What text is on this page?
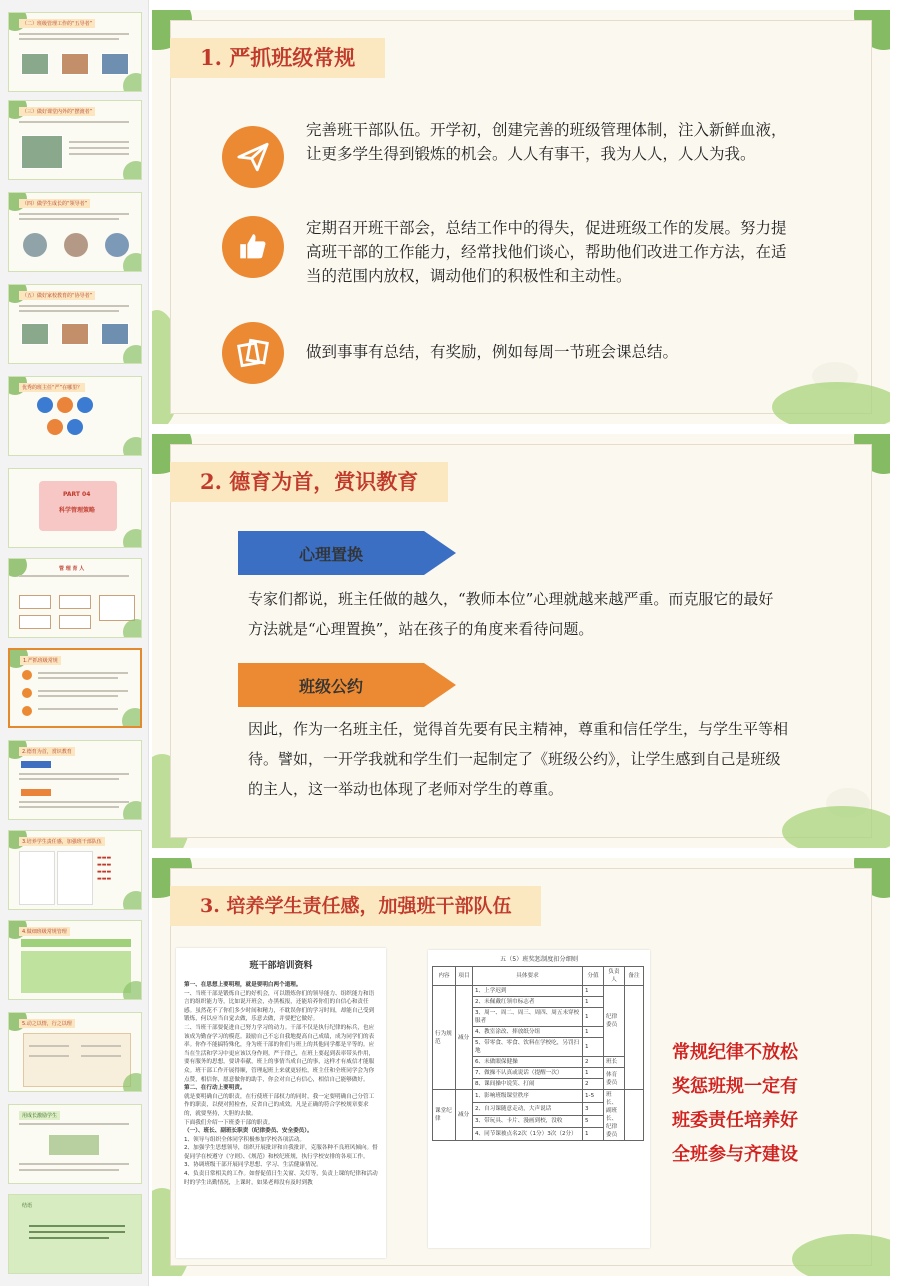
（二）班级管理工作的“五导者”
（三）做好课堂内外的“摆渡者”
（四）做学生成长的“领导者”
（五）做好家校教育的“协导者”
优秀的班主任“严”在哪里？
PART 04
科学管理策略
管 理 育 人
1.严抓班级常规
2.德育为首，赏识教育
3.培养学生责任感，加强班干部队伍
▬▬▬
▬▬▬
▬▬▬
▬▬▬
4.做细班级常规管理
5.动之以情，行之以理
用成长激励学生
结语
1. 严抓班级常规
完善班干部队伍。开学初，创建完善的班级管理体制，注入新鲜血液，让更多学生得到锻炼的机会。人人有事干，我为人人，人人为我。
定期召开班干部会，总结工作中的得失，促进班级工作的发展。努力提高班干部的工作能力，经常找他们谈心，帮助他们改进工作方法，在适当的范围内放权，调动他们的积极性和主动性。
做到事事有总结，有奖励，例如每周一节班会课总结。
2. 德育为首，赏识教育
心理置换
专家们都说，班主任做的越久，“教师本位”心理就越来越严重。而克服它的最好方法就是“心理置换”，站在孩子的角度来看待问题。
班级公约
因此，作为一名班主任，觉得首先要有民主精神，尊重和信任学生，与学生平等相待。譬如，一开学我就和学生们一起制定了《班级公约》，让学生感到自己是班级的主人，这一举动也体现了老师对学生的尊重。
3. 培养学生责任感，加强班干部队伍
班干部培训资料

第一、在思想上要明理，就是要明白两个道理。

一、当班干部是锻炼自己的好机会，可以锻炼你们的领导能力、组织能力和语言的组织能力等，比如说开班会，办黑板报，还能培养你们的自信心和责任感。虽然花不了你们多少时间和精力，不耽误你们的学习时间，却能自己受到锻炼，何以应当自觉去做，乐意去做，并要把它做好。

二、当班干部要促进自己努力学习的动力。干部不仅是执行纪律的标兵，也应该成为勤奋学习的模范。鼓励自己不忘自我地提高自己成绩，成为同学们的表率。你作不能搞特殊化，身为班干部的你们与班上的其他同学都是平等的。应当在生活和学习中更应该以身作则。严于律己，在班上要起到表率带头作用，要有服务的思想，要讲奉献，班上的事情当成自己的事，这样才有威信才能服众。班干部工作开展得顺，管理起班上来就更轻松，班主任和全班同学会为你点赞，相信你，愿意做你的助手，你会对自己有信心，相信自己能够做好。

第二、在行动上要明责。

就是要明确自己的职责，在行使班干部权力的同时，我一定要明确自己分管工作的职责，以便对照检查，反省自己的成效。凡是正确的符合学校规章要求的，就要坚持，大胆的去做。

下面我们介绍一下班委干部的职责。

（一）、班长、副班长职责（纪律委员、安全委员）。

1、领导与组织全体同学积极参加学校各项活动。

2、加强学生思想领导，组织开展批评和自我批评，克服各种不良班风倾向。督促同学在校遵守《守则》、《规范》和校纪班规，执行学校安排的各项工作。

3、协调班级干部开展同学思想、学习、生活健康情况。

4、负责日常相关的工作。如督促值日生关窗、关灯等，负责上课的纪律和活动时的学生出勤情况，上课时，如果老师没有及时到教

五（5）班奖惩制度扣分细则
内容	项目	具体要求	分值	负责人	备注
行为规范	减分	1、上学迟到	1	纪律委员	
		2、未佩戴红领巾标志者	1		
		3、周一、周二、周三、周四、周五未穿校服者	1		
		4、教室涂改、摔放纸分组	1		
		5、带零食、零食、饮料在学校吃，另罚扫地	1		
		6、未做眼保健操	2	班长	
		7、做操不认真或说话（提醒一次）	1	体育委员	
		8、课间操中说笑、打闹	2		
课堂纪律	减分	1、影响班级课堂秩序	1-5	班长、副班长、纪律委员	
		2、自习课随意走动，大声说话	3		
		3、带玩具、卡片、漫画到校，没收	5		
		4、同节课被点名2次（1分）3次（2分）	1		
常规纪律不放松
奖惩班规一定有
班委责任培养好
全班参与齐建设
